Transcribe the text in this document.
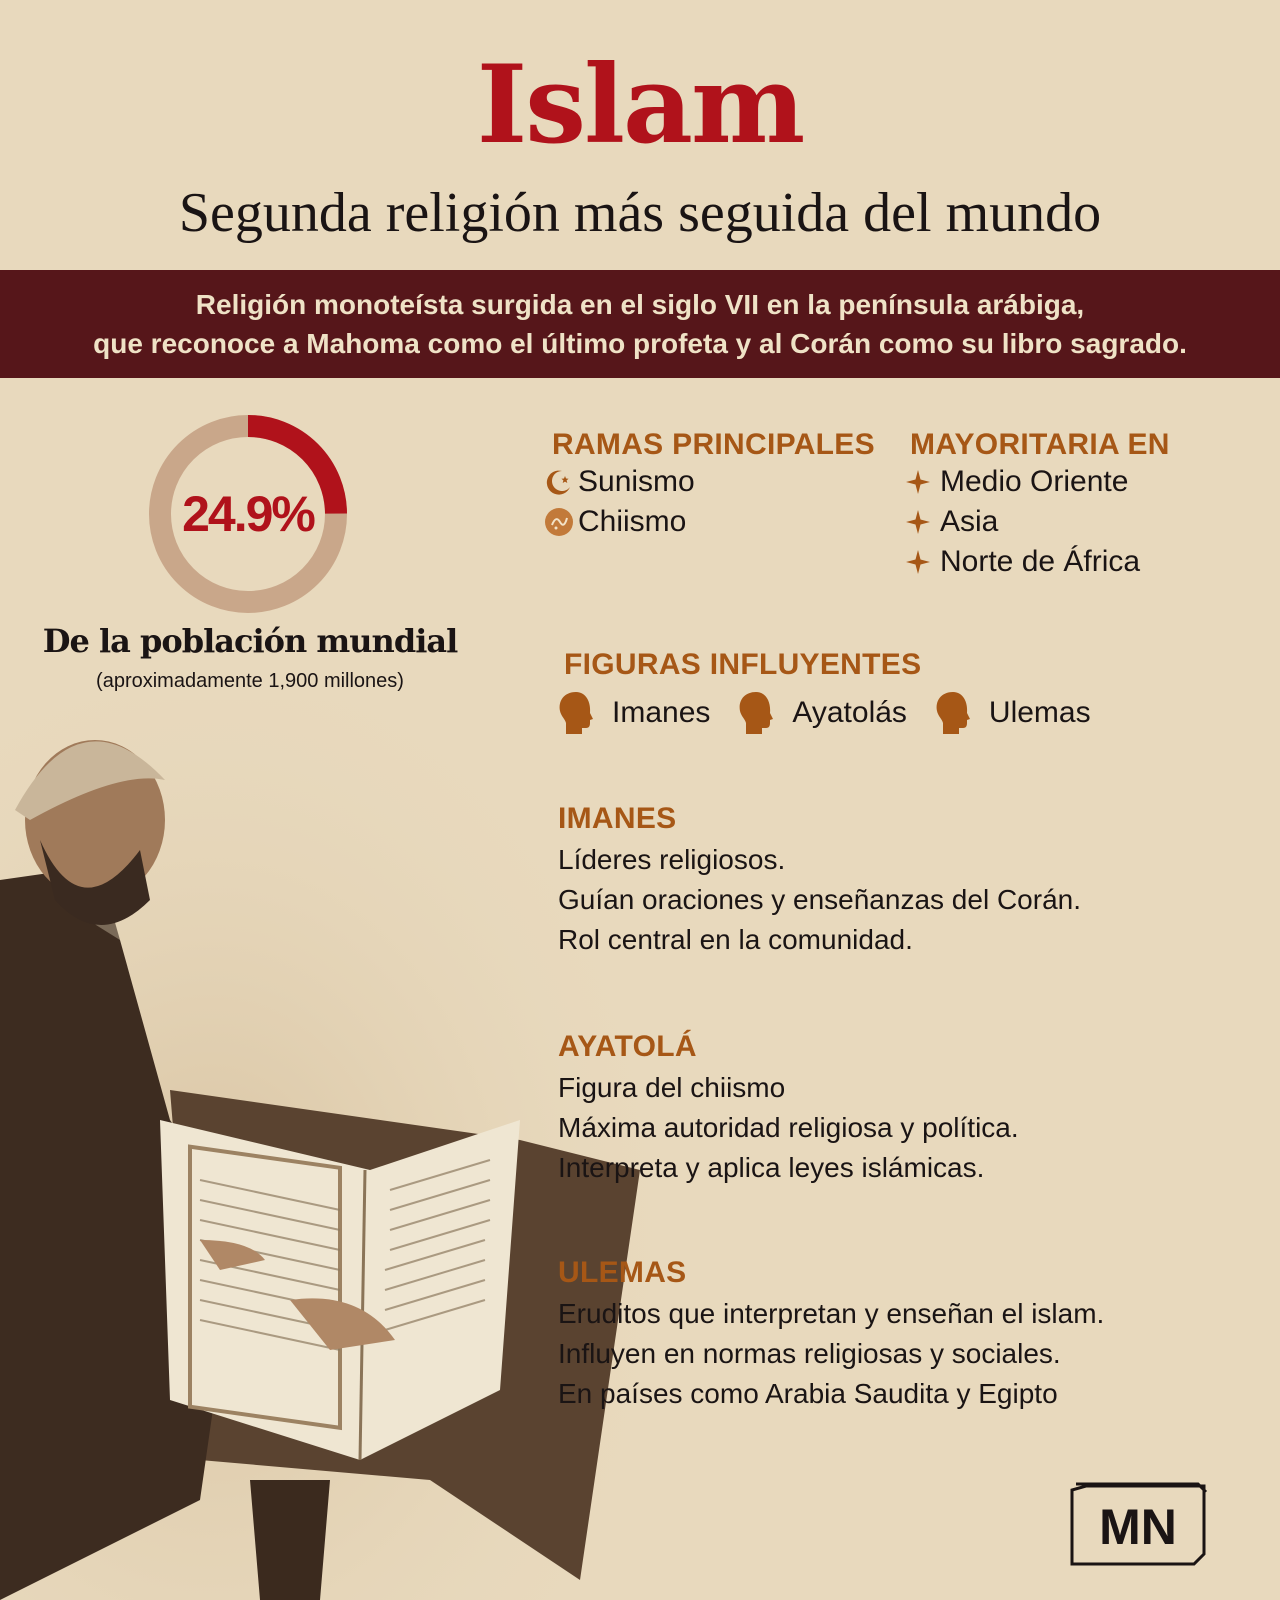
Islam
Segunda religión más seguida del mundo
Religión monoteísta surgida en el siglo VII en la península arábiga,
que reconoce a Mahoma como el último profeta y al Corán como su libro sagrado.
24.9%
De la población mundial
(aproximadamente 1,900 millones)
RAMAS PRINCIPALES
Sunismo
Chiismo
MAYORITARIA EN
Medio Oriente
Asia
Norte de África
FIGURAS INFLUYENTES
Imanes	Ayatolás	Ulemas
IMANES
Líderes religiosos.
Guían oraciones y enseñanzas del Corán.
Rol central en la comunidad.
AYATOLÁ
Figura del chiismo
Máxima autoridad religiosa y política.
Interpreta y aplica leyes islámicas.
ULEMAS
Eruditos que interpretan y enseñan el islam.
Influyen en normas religiosas y sociales.
En países como Arabia Saudita y Egipto
MN
